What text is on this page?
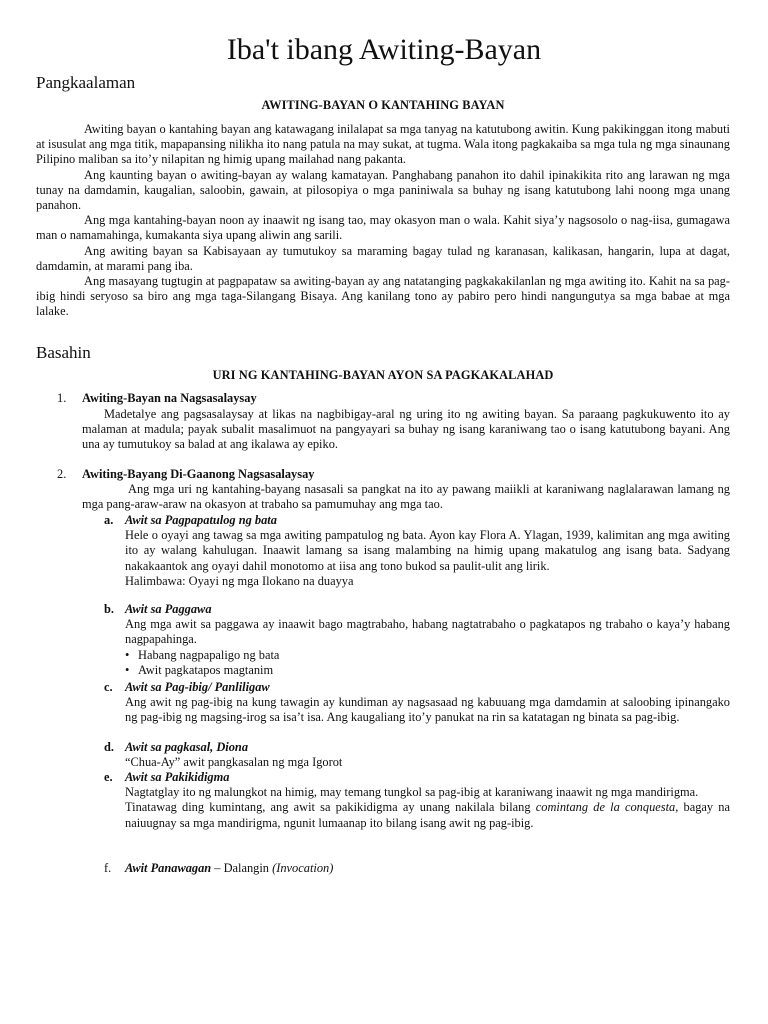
Iba't ibang Awiting-Bayan
Pangkaalaman
AWITING-BAYAN O KANTAHING BAYAN

Awiting bayan o kantahing bayan ang katawagang inilalapat sa mga tanyag na katutubong awitin. Kung pakikinggan itong mabuti at isusulat ang mga titik, mapapansing nilikha ito nang patula na may sukat, at tugma. Wala itong pagkakaiba sa mga tula ng mga sinaunang Pilipino maliban sa ito’y nilapitan ng himig upang mailahad nang pakanta.

Ang kaunting bayan o awiting-bayan ay walang kamatayan. Panghabang panahon ito dahil ipinakikita rito ang larawan ng mga tunay na damdamin, kaugalian, saloobin, gawain, at pilosopiya o mga paniniwala sa buhay ng isang katutubong lahi noong mga unang panahon.

Ang mga kantahing-bayan noon ay inaawit ng isang tao, may okasyon man o wala. Kahit siya’y nagsosolo o nag-iisa, gumagawa man o namamahinga, kumakanta siya upang aliwin ang sarili.

Ang awiting bayan sa Kabisayaan ay tumutukoy sa maraming bagay tulad ng karanasan, kalikasan, hangarin, lupa at dagat, damdamin, at marami pang iba.

Ang masayang tugtugin at pagpapataw sa awiting-bayan ay ang natatanging pagkakakilanlan ng mga awiting ito. Kahit na sa pag-ibig hindi seryoso sa biro ang mga taga-Silangang Bisaya. Ang kanilang tono ay pabiro pero hindi nangungutya sa mga babae at mga lalake.

Basahin
URI NG KANTAHING-BAYAN AYON SA PAGKAKALAHAD
1. Awiting-Bayan na Nagsasalaysay

Madetalye ang pagsasalaysay at likas na nagbibigay-aral ng uring ito ng awiting bayan. Sa paraang pagkukuwento ito ay malaman at madula; payak subalit masalimuot na pangyayari sa buhay ng isang karaniwang tao o isang katutubong bayani. Ang una ay tumutukoy sa balad at ang ikalawa ay epiko.

2. Awiting-Bayang Di-Gaanong Nagsasalaysay

Ang mga uri ng kantahing-bayang nasasali sa pangkat na ito ay pawang maiikli at karaniwang naglalarawan lamang ng mga pang-araw-araw na okasyon at trabaho sa pamumuhay ang mga tao.

a. Awit sa Pagpapatulog ng bata

Hele o oyayi ang tawag sa mga awiting pampatulog ng bata. Ayon kay Flora A. Ylagan, 1939, kalimitan ang mga awiting ito ay walang kahulugan. Inaawit lamang sa isang malambing na himig upang makatulog ang isang bata. Sadyang nakakaantok ang oyayi dahil monotomo at iisa ang tono bukod sa paulit-ulit ang lirik.

Halimbawa: Oyayi ng mga Ilokano na duayya

b. Awit sa Paggawa

Ang mga awit sa paggawa ay inaawit bago magtrabaho, habang nagtatrabaho o pagkatapos ng trabaho o kaya’y habang nagpapahinga.

• Habang nagpapaligo ng bata
• Awit pagkatapos magtanim
c. Awit sa Pag-ibig/ Panliligaw

Ang awit ng pag-ibig na kung tawagin ay kundiman ay nagsasaad ng kabuuang mga damdamin at saloobing ipinangako ng pag-ibig ng magsing-irog sa isa’t isa. Ang kaugaliang ito’y panukat na rin sa katatagan ng binata sa pag-ibig.

d. Awit sa pagkasal, Diona

“Chua-Ay” awit pangkasalan ng mga Igorot

e. Awit sa Pakikidigma

Nagtatglay ito ng malungkot na himig, may temang tungkol sa pag-ibig at karaniwang inaawit ng mga mandirigma.

Tinatawag ding kumintang, ang awit sa pakikidigma ay unang nakilala bilang comintang de la conquesta, bagay na naiuugnay sa mga mandirigma, ngunit lumaanap ito bilang isang awit ng pag-ibig.

f. Awit Panawagan – Dalangin (Invocation)
